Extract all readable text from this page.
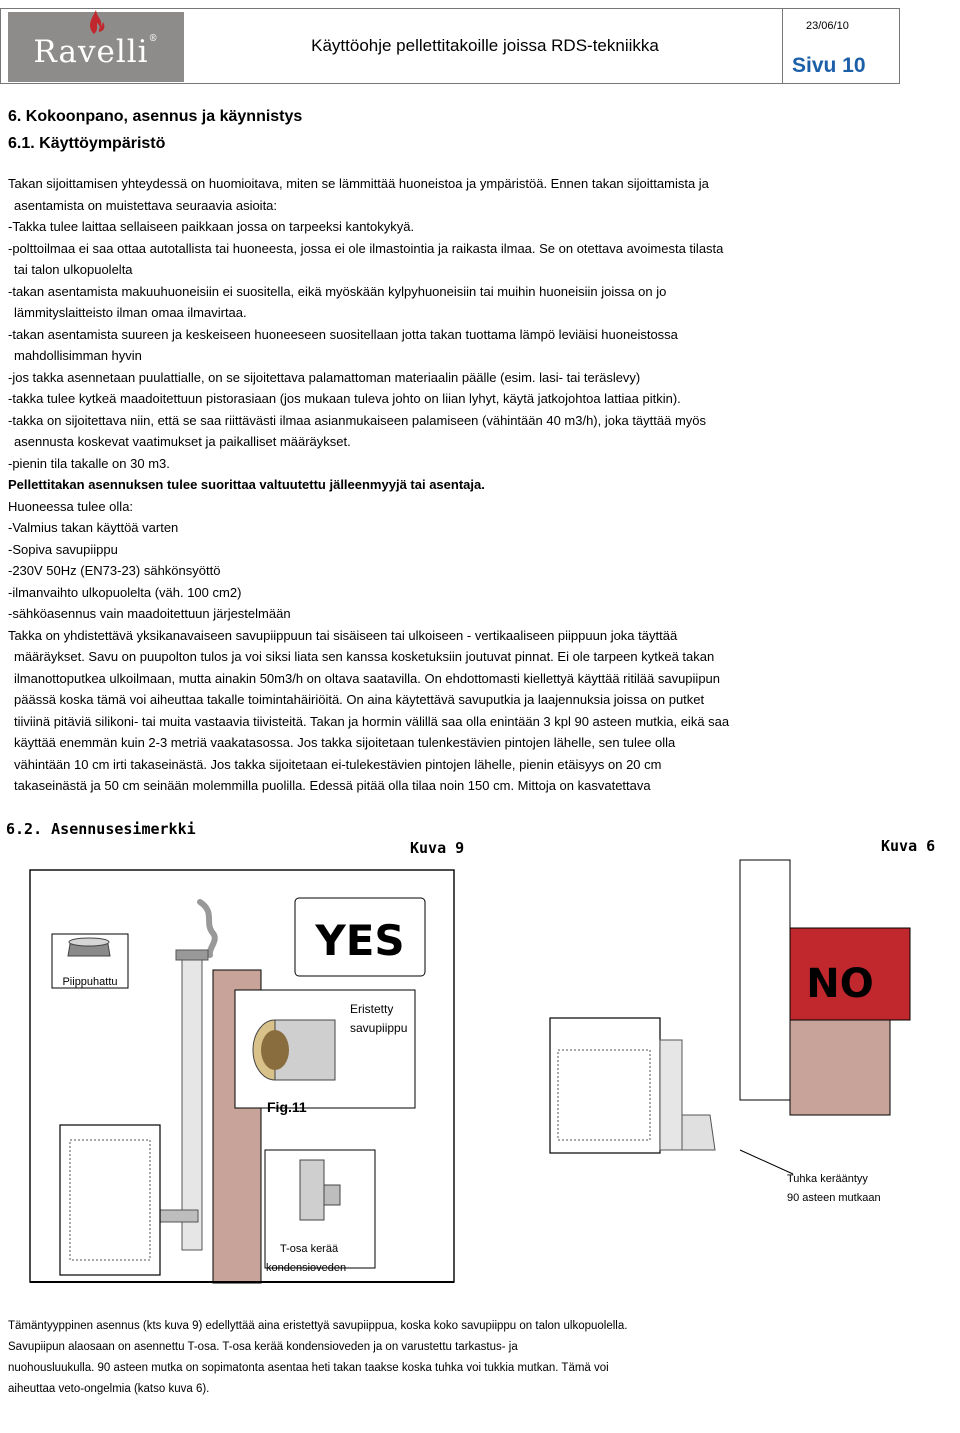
Ravelli®	Käyttöohje pellettitakoille joissa RDS-tekniikka
23/06/10
Sivu 10
6. Kokoonpano, asennus ja käynnistys
6.1. Käyttöympäristö
Takan sijoittamisen yhteydessä on huomioitava, miten se lämmittää huoneistoa ja ympäristöä. Ennen takan sijoittamista ja
asentamista on muistettava seuraavia asioita:
-Takka tulee laittaa sellaiseen paikkaan jossa on tarpeeksi kantokykyä.
-polttoilmaa ei saa ottaa autotallista tai huoneesta, jossa ei ole ilmastointia ja raikasta ilmaa. Se on otettava avoimesta tilasta
tai talon ulkopuolelta
-takan asentamista makuuhuoneisiin ei suositella, eikä myöskään kylpyhuoneisiin tai muihin huoneisiin joissa on jo
lämmityslaitteisto ilman omaa ilmavirtaa.
-takan asentamista suureen ja keskeiseen huoneeseen suositellaan jotta takan tuottama lämpö leviäisi huoneistossa
mahdollisimman hyvin
-jos takka asennetaan puulattialle, on se sijoitettava palamattoman materiaalin päälle (esim. lasi- tai teräslevy)
-takka tulee kytkeä maadoitettuun pistorasiaan (jos mukaan tuleva johto on liian lyhyt, käytä jatkojohtoa lattiaa pitkin).
-takka on sijoitettava niin, että se saa riittävästi ilmaa asianmukaiseen palamiseen (vähintään 40 m3/h), joka täyttää myös
asennusta koskevat vaatimukset ja paikalliset määräykset.
-pienin tila takalle on 30 m3.
Pellettitakan asennuksen tulee suorittaa valtuutettu jälleenmyyjä tai asentaja.
Huoneessa tulee olla:
-Valmius takan käyttöä varten
-Sopiva savupiippu
-230V 50Hz (EN73-23) sähkönsyöttö
-ilmanvaihto ulkopuolelta (väh. 100 cm2)
-sähköasennus vain maadoitettuun järjestelmään
Takka on yhdistettävä yksikanavaiseen savupiippuun tai sisäiseen tai ulkoiseen - vertikaaliseen piippuun joka täyttää
määräykset. Savu on puupolton tulos ja voi siksi liata sen kanssa kosketuksiin joutuvat pinnat. Ei ole tarpeen kytkeä takan
ilmanottoputkea ulkoilmaan, mutta ainakin 50m3/h on oltava saatavilla. On ehdottomasti kiellettyä käyttää ritilää savupiipun
päässä koska tämä voi aiheuttaa takalle toimintahäiriöitä. On aina käytettävä savuputkia ja laajennuksia joissa on putket
tiiviinä pitäviä silikoni- tai muita vastaavia tiivisteitä. Takan ja hormin välillä saa olla enintään 3 kpl 90 asteen mutkia, eikä saa
käyttää enemmän kuin 2-3 metriä vaakatasossa. Jos takka sijoitetaan tulenkestävien pintojen lähelle, sen tulee olla
vähintään 10 cm irti takaseinästä. Jos takka sijoitetaan ei-tulekestävien pintojen lähelle, pienin etäisyys on 20 cm
takaseinästä ja 50 cm seinään molemmilla puolilla. Edessä pitää olla tilaa noin 150 cm. Mittoja on kasvatettava
6.2. Asennusesimerkki
Kuva 9	Kuva 6
YES
Piippuhattu
Eristetty
savupiippu
Fig.11
T-osa kerää
kondensioveden
NO
Tuhka kerääntyy
90 asteen mutkaan
Tämäntyyppinen asennus (kts kuva 9) edellyttää aina eristettyä savupiippua, koska koko savupiippu on talon ulkopuolella.
Savupiipun alaosaan on asennettu T-osa. T-osa kerää kondensioveden ja on varustettu tarkastus- ja
nuohousluukulla. 90 asteen mutka on sopimatonta asentaa heti takan taakse koska tuhka voi tukkia mutkan. Tämä voi
aiheuttaa veto-ongelmia (katso kuva 6).
